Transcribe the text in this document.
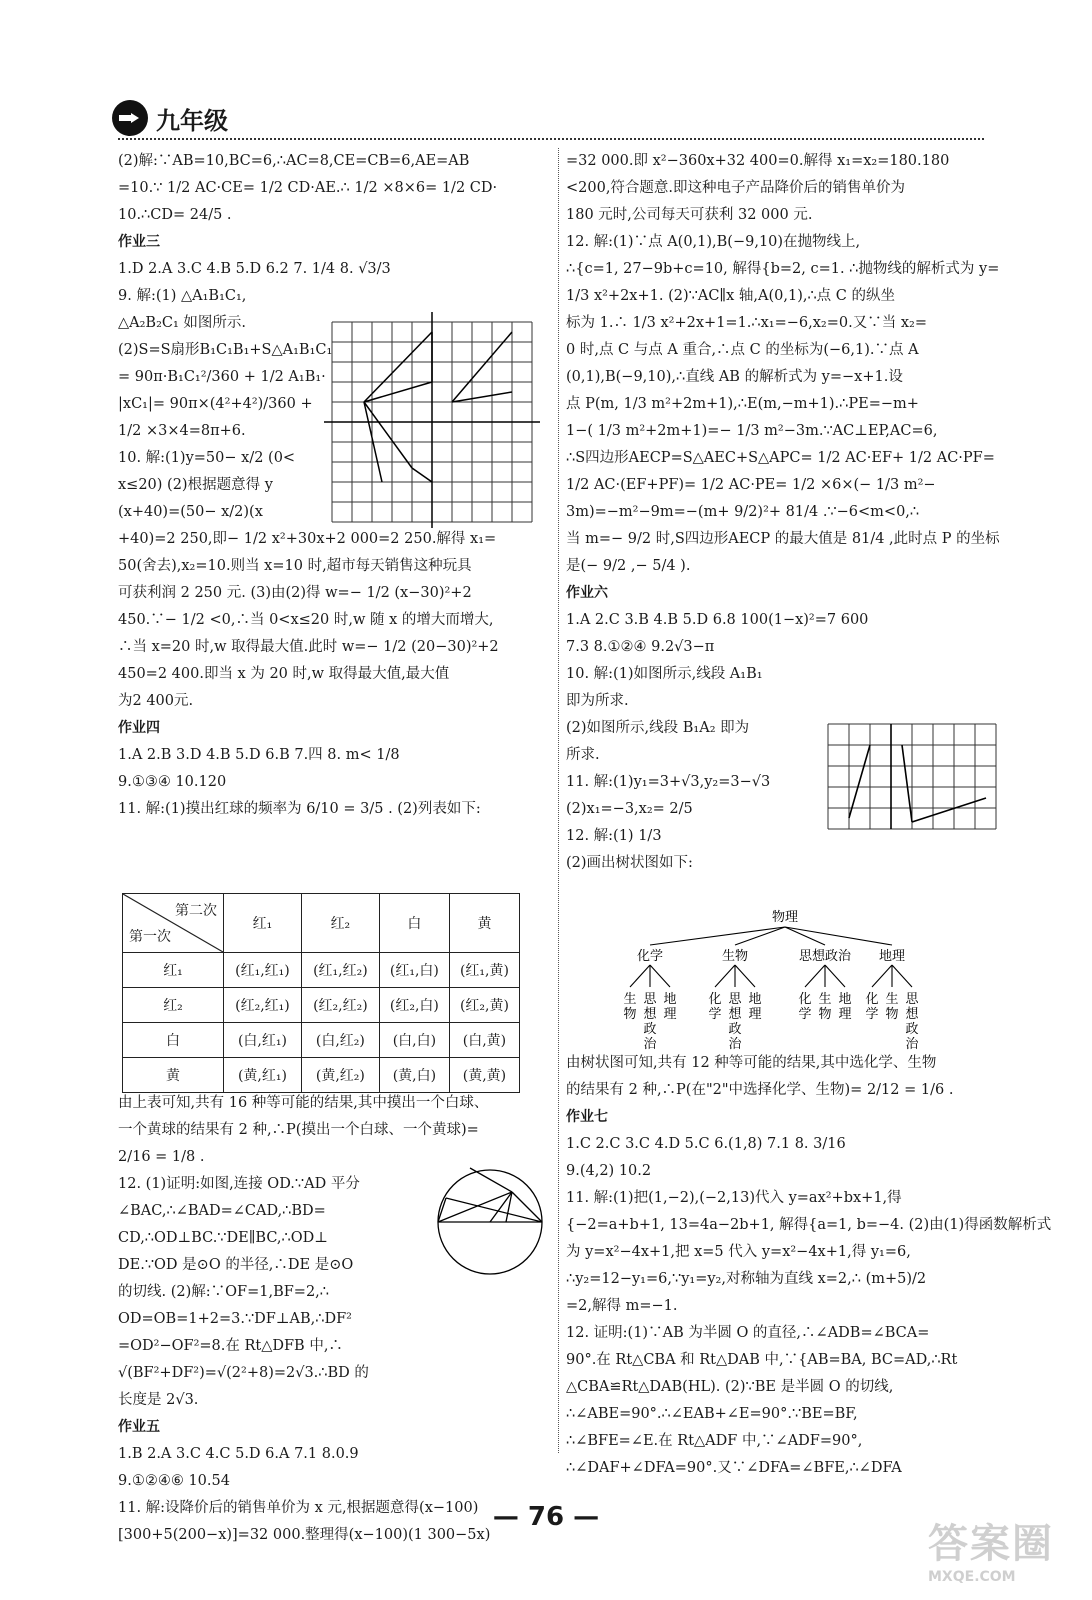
九年级
(2)解:∵AB=10,BC=6,∴AC=8,CE=CB=6,AE=AB
=10.∵ 1/2 AC·CE= 1/2 CD·AE.∴ 1/2 ×8×6= 1/2 CD·
10.∴CD= 24/5 .
作业三
1.D 2.A 3.C 4.B 5.D 6.2 7. 1/4 8. √3/3
9. 解:(1) △A₁B₁C₁,
△A₂B₂C₁ 如图所示.
(2)S=S扇形B₁C₁B₁+S△A₁B₁C₁
= 90π·B₁C₁²/360 + 1/2 A₁B₁·
|xC₁|= 90π×(4²+4²)/360 +
1/2 ×3×4=8π+6.
10. 解:(1)y=50− x/2 (0<
x≤20) (2)根据题意得 y
(x+40)=(50− x/2)(x
+40)=2 250,即− 1/2 x²+30x+2 000=2 250.解得 x₁=
50(舍去),x₂=10.则当 x=10 时,超市每天销售这种玩具
可获利润 2 250 元. (3)由(2)得 w=− 1/2 (x−30)²+2
450.∵− 1/2 <0,∴当 0<x≤20 时,w 随 x 的增大而增大,
∴当 x=20 时,w 取得最大值.此时 w=− 1/2 (20−30)²+2
450=2 400.即当 x 为 20 时,w 取得最大值,最大值
为2 400元.
作业四
1.A 2.B 3.D 4.B 5.D 6.B 7.四 8. m< 1/8
9.①③④ 10.120
11. 解:(1)摸出红球的频率为 6/10 = 3/5 . (2)列表如下:
第二次
第一次	红₁	红₂	白	黄
红₁	(红₁,红₁)	(红₁,红₂)	(红₁,白)	(红₁,黄)
红₂	(红₂,红₁)	(红₂,红₂)	(红₂,白)	(红₂,黄)
白	(白,红₁)	(白,红₂)	(白,白)	(白,黄)
黄	(黄,红₁)	(黄,红₂)	(黄,白)	(黄,黄)
由上表可知,共有 16 种等可能的结果,其中摸出一个白球、
一个黄球的结果有 2 种,∴P(摸出一个白球、一个黄球)=
2/16 = 1/8 .
12. (1)证明:如图,连接 OD.∵AD 平分
∠BAC,∴∠BAD=∠CAD,∴BD=
CD,∴OD⊥BC.∵DE∥BC,∴OD⊥
DE.∵OD 是⊙O 的半径,∴DE 是⊙O
的切线. (2)解:∵OF=1,BF=2,∴
OD=OB=1+2=3.∵DF⊥AB,∴DF²
=OD²−OF²=8.在 Rt△DFB 中,∴
√(BF²+DF²)=√(2²+8)=2√3.∴BD 的
长度是 2√3.
作业五
1.B 2.A 3.C 4.C 5.D 6.A 7.1 8.0.9
9.①②④⑥ 10.54
11. 解:设降价后的销售单价为 x 元,根据题意得(x−100)
[300+5(200−x)]=32 000.整理得(x−100)(1 300−5x)
=32 000.即 x²−360x+32 400=0.解得 x₁=x₂=180.180
<200,符合题意.即这种电子产品降价后的销售单价为
180 元时,公司每天可获利 32 000 元.
12. 解:(1)∵点 A(0,1),B(−9,10)在抛物线上,
∴{c=1, 27−9b+c=10, 解得{b=2, c=1. ∴抛物线的解析式为 y=
1/3 x²+2x+1. (2)∵AC∥x 轴,A(0,1),∴点 C 的纵坐
标为 1.∴ 1/3 x²+2x+1=1.∴x₁=−6,x₂=0.又∵当 x₂=
0 时,点 C 与点 A 重合,∴点 C 的坐标为(−6,1).∵点 A
(0,1),B(−9,10),∴直线 AB 的解析式为 y=−x+1.设
点 P(m, 1/3 m²+2m+1),∴E(m,−m+1).∴PE=−m+
1−( 1/3 m²+2m+1)=− 1/3 m²−3m.∵AC⊥EP,AC=6,
∴S四边形AECP=S△AEC+S△APC= 1/2 AC·EF+ 1/2 AC·PF=
1/2 AC·(EF+PF)= 1/2 AC·PE= 1/2 ×6×(− 1/3 m²−
3m)=−m²−9m=−(m+ 9/2)²+ 81/4 .∵−6<m<0,∴
当 m=− 9/2 时,S四边形AECP 的最大值是 81/4 ,此时点 P 的坐标
是(− 9/2 ,− 5/4 ).
作业六
1.A 2.C 3.B 4.B 5.D 6.8 100(1−x)²=7 600
7.3 8.①②④ 9.2√3−π
10. 解:(1)如图所示,线段 A₁B₁
即为所求.
(2)如图所示,线段 B₁A₂ 即为
所求.
11. 解:(1)y₁=3+√3,y₂=3−√3
(2)x₁=−3,x₂= 2/5
12. 解:(1) 1/3
(2)画出树状图如下:
物理
化学	生物	思想政治 地理
生
物
思
想
政
治
地
理
化
学
思
想
政
治
地
理
化
学
生
物
地
理
化
学
生
物
思
想
政
治
由树状图可知,共有 12 种等可能的结果,其中选化学、生物
的结果有 2 种,∴P(在"2"中选择化学、生物)= 2/12 = 1/6 .
作业七
1.C 2.C 3.C 4.D 5.C 6.(1,8) 7.1 8. 3/16
9.(4,2) 10.2
11. 解:(1)把(1,−2),(−2,13)代入 y=ax²+bx+1,得
{−2=a+b+1, 13=4a−2b+1, 解得{a=1, b=−4. (2)由(1)得函数解析式
为 y=x²−4x+1,把 x=5 代入 y=x²−4x+1,得 y₁=6,
∴y₂=12−y₁=6,∵y₁=y₂,对称轴为直线 x=2,∴ (m+5)/2
=2,解得 m=−1.
12. 证明:(1)∵AB 为半圆 O 的直径,∴∠ADB=∠BCA=
90°.在 Rt△CBA 和 Rt△DAB 中,∵{AB=BA, BC=AD,∴Rt
△CBA≌Rt△DAB(HL). (2)∵BE 是半圆 O 的切线,
∴∠ABE=90°.∴∠EAB+∠E=90°.∵BE=BF,
∴∠BFE=∠E.在 Rt△ADF 中,∵∠ADF=90°,
∴∠DAF+∠DFA=90°.又∵∠DFA=∠BFE,∴∠DFA
— 76 —
答案圈
MXQE.COM
